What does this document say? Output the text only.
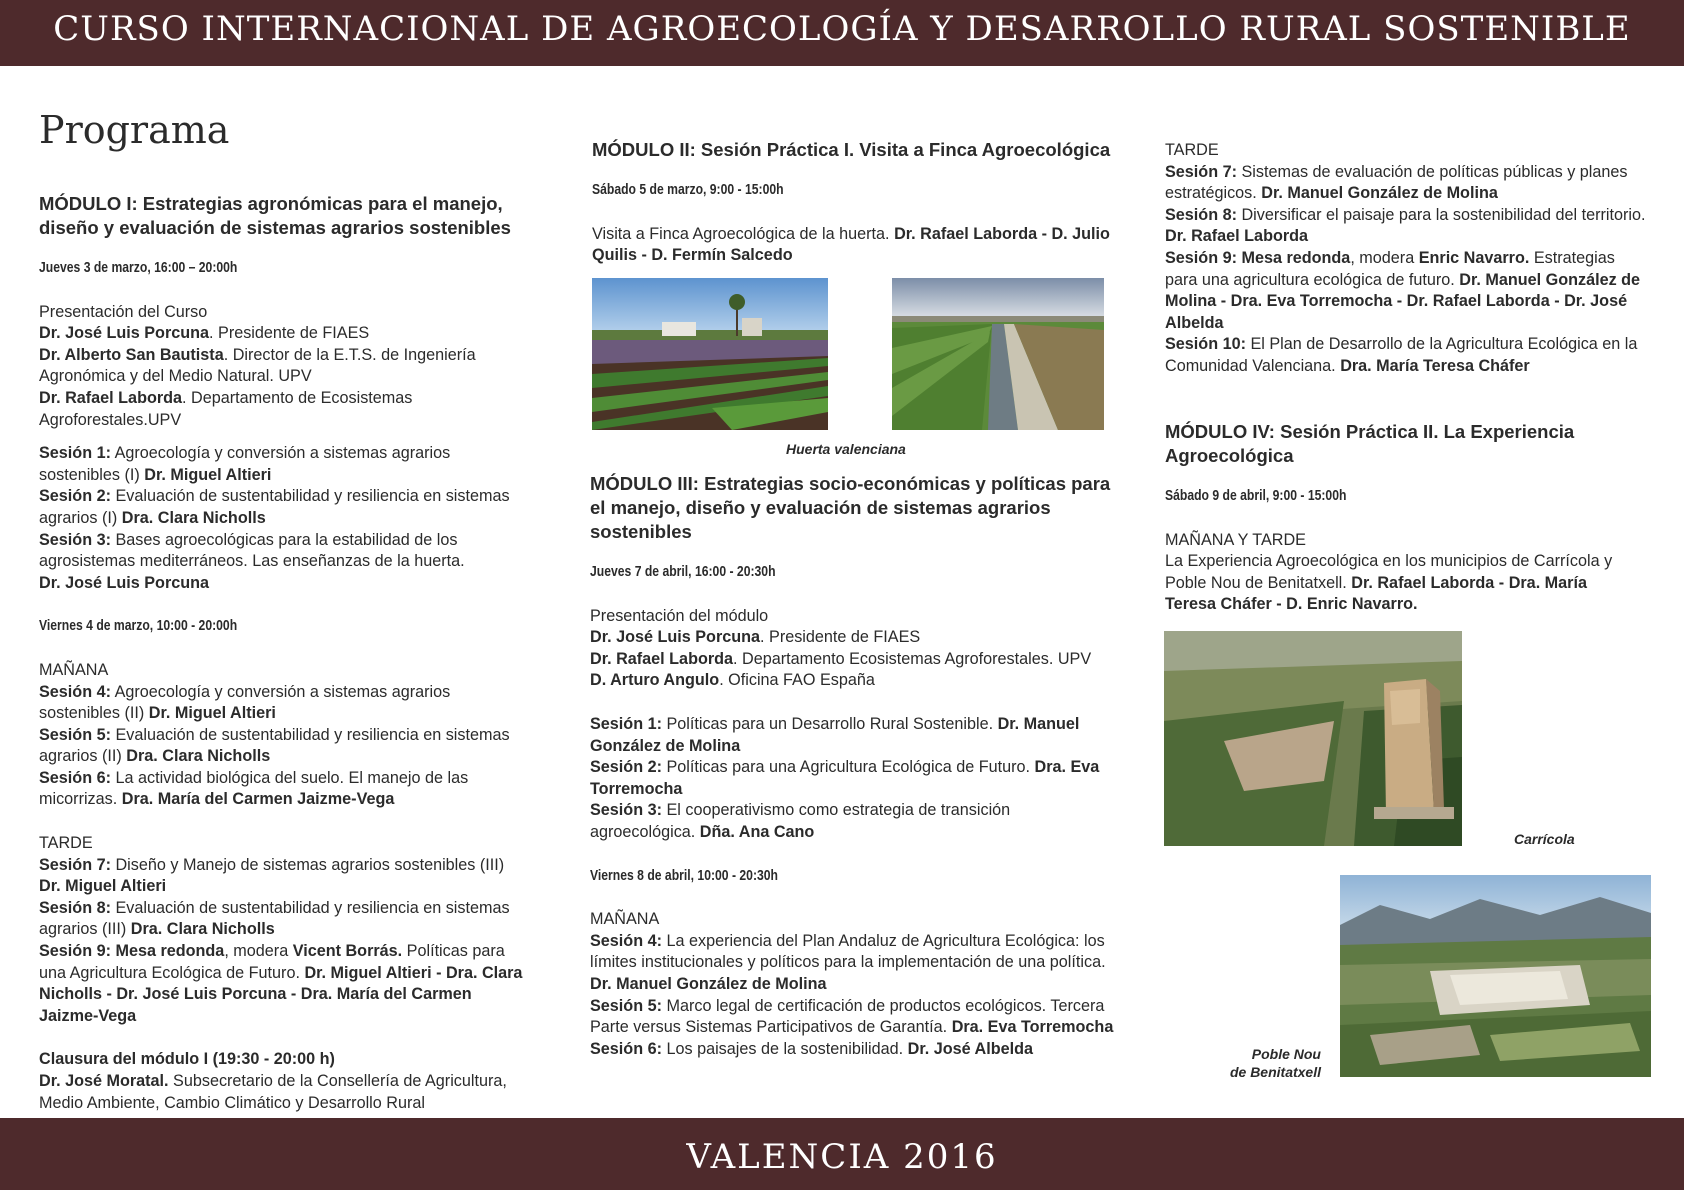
CURSO INTERNACIONAL DE AGROECOLOGÍA Y DESARROLLO RURAL SOSTENIBLE

Programa

MÓDULO I: Estrategias agronómicas para el manejo, diseño y evaluación de sistemas agrarios sostenibles

Jueves 3 de marzo, 16:00 – 20:00h

Presentación del Curso

Dr. José Luis Porcuna. Presidente de FIAES

Dr. Alberto San Bautista. Director de la E.T.S. de Ingeniería Agronómica y del Medio Natural. UPV

Dr. Rafael Laborda. Departamento de Ecosistemas Agroforestales.UPV

Sesión 1: Agroecología y conversión a sistemas agrarios sostenibles (I) Dr. Miguel Altieri

Sesión 2: Evaluación de sustentabilidad y resiliencia en sistemas agrarios (I) Dra. Clara Nicholls

Sesión 3: Bases agroecológicas para la estabilidad de los agrosistemas mediterráneos. Las enseñanzas de la huerta.
Dr. José Luis Porcuna

Viernes 4 de marzo, 10:00 - 20:00h

MAÑANA

Sesión 4: Agroecología y conversión a sistemas agrarios sostenibles (II) Dr. Miguel Altieri

Sesión 5: Evaluación de sustentabilidad y resiliencia en sistemas agrarios (II) Dra. Clara Nicholls

Sesión 6: La actividad biológica del suelo. El manejo de las micorrizas. Dra. María del Carmen Jaizme-Vega

TARDE

Sesión 7: Diseño y Manejo de sistemas agrarios sostenibles (III)
Dr. Miguel Altieri

Sesión 8: Evaluación de sustentabilidad y resiliencia en sistemas agrarios (III) Dra. Clara Nicholls

Sesión 9: Mesa redonda, modera Vicent Borrás. Políticas para una Agricultura Ecológica de Futuro. Dr. Miguel Altieri - Dra. Clara Nicholls - Dr. José Luis Porcuna - Dra. María del Carmen Jaizme-Vega

Clausura del módulo I (19:30 - 20:00 h)

Dr. José Moratal. Subsecretario de la Consellería de Agricultura, Medio Ambiente, Cambio Climático y Desarrollo Rural

MÓDULO II: Sesión Práctica I. Visita a Finca Agroecológica

Sábado 5 de marzo, 9:00 - 15:00h

Visita a Finca Agroecológica de la huerta. Dr. Rafael Laborda - D. Julio Quilis - D. Fermín Salcedo

Huerta valenciana

MÓDULO III: Estrategias socio-económicas y políticas para el manejo, diseño y evaluación de sistemas agrarios sostenibles

Jueves 7 de abril, 16:00 - 20:30h

Presentación del módulo

Dr. José Luis Porcuna. Presidente de FIAES

Dr. Rafael Laborda. Departamento Ecosistemas Agroforestales. UPV

D. Arturo Angulo. Oficina FAO España

Sesión 1: Políticas para un Desarrollo Rural Sostenible. Dr. Manuel González de Molina

Sesión 2: Políticas para una Agricultura Ecológica de Futuro. Dra. Eva Torremocha

Sesión 3: El cooperativismo como estrategia de transición agroecológica. Dña. Ana Cano

Viernes 8 de abril, 10:00 - 20:30h

MAÑANA

Sesión 4: La experiencia del Plan Andaluz de Agricultura Ecológica: los límites institucionales y políticos para la implementación de una política. Dr. Manuel González de Molina

Sesión 5: Marco legal de certificación de productos ecológicos. Tercera Parte versus Sistemas Participativos de Garantía. Dra. Eva Torremocha

Sesión 6: Los paisajes de la sostenibilidad. Dr. José Albelda

TARDE

Sesión 7: Sistemas de evaluación de políticas públicas y planes estratégicos. Dr. Manuel González de Molina

Sesión 8: Diversificar el paisaje para la sostenibilidad del territorio. Dr. Rafael Laborda

Sesión 9: Mesa redonda, modera Enric Navarro. Estrategias para una agricultura ecológica de futuro. Dr. Manuel González de Molina - Dra. Eva Torremocha - Dr. Rafael Laborda - Dr. José Albelda

Sesión 10: El Plan de Desarrollo de la Agricultura Ecológica en la Comunidad Valenciana. Dra. María Teresa Cháfer

MÓDULO IV: Sesión Práctica II. La Experiencia Agroecológica

Sábado 9 de abril, 9:00 - 15:00h

MAÑANA Y TARDE

La Experiencia Agroecológica en los municipios de Carrícola y Poble Nou de Benitatxell. Dr. Rafael Laborda - Dra. María Teresa Cháfer - D. Enric Navarro.

Carrícola
Poble Nou
de Benitatxell
VALENCIA 2016
